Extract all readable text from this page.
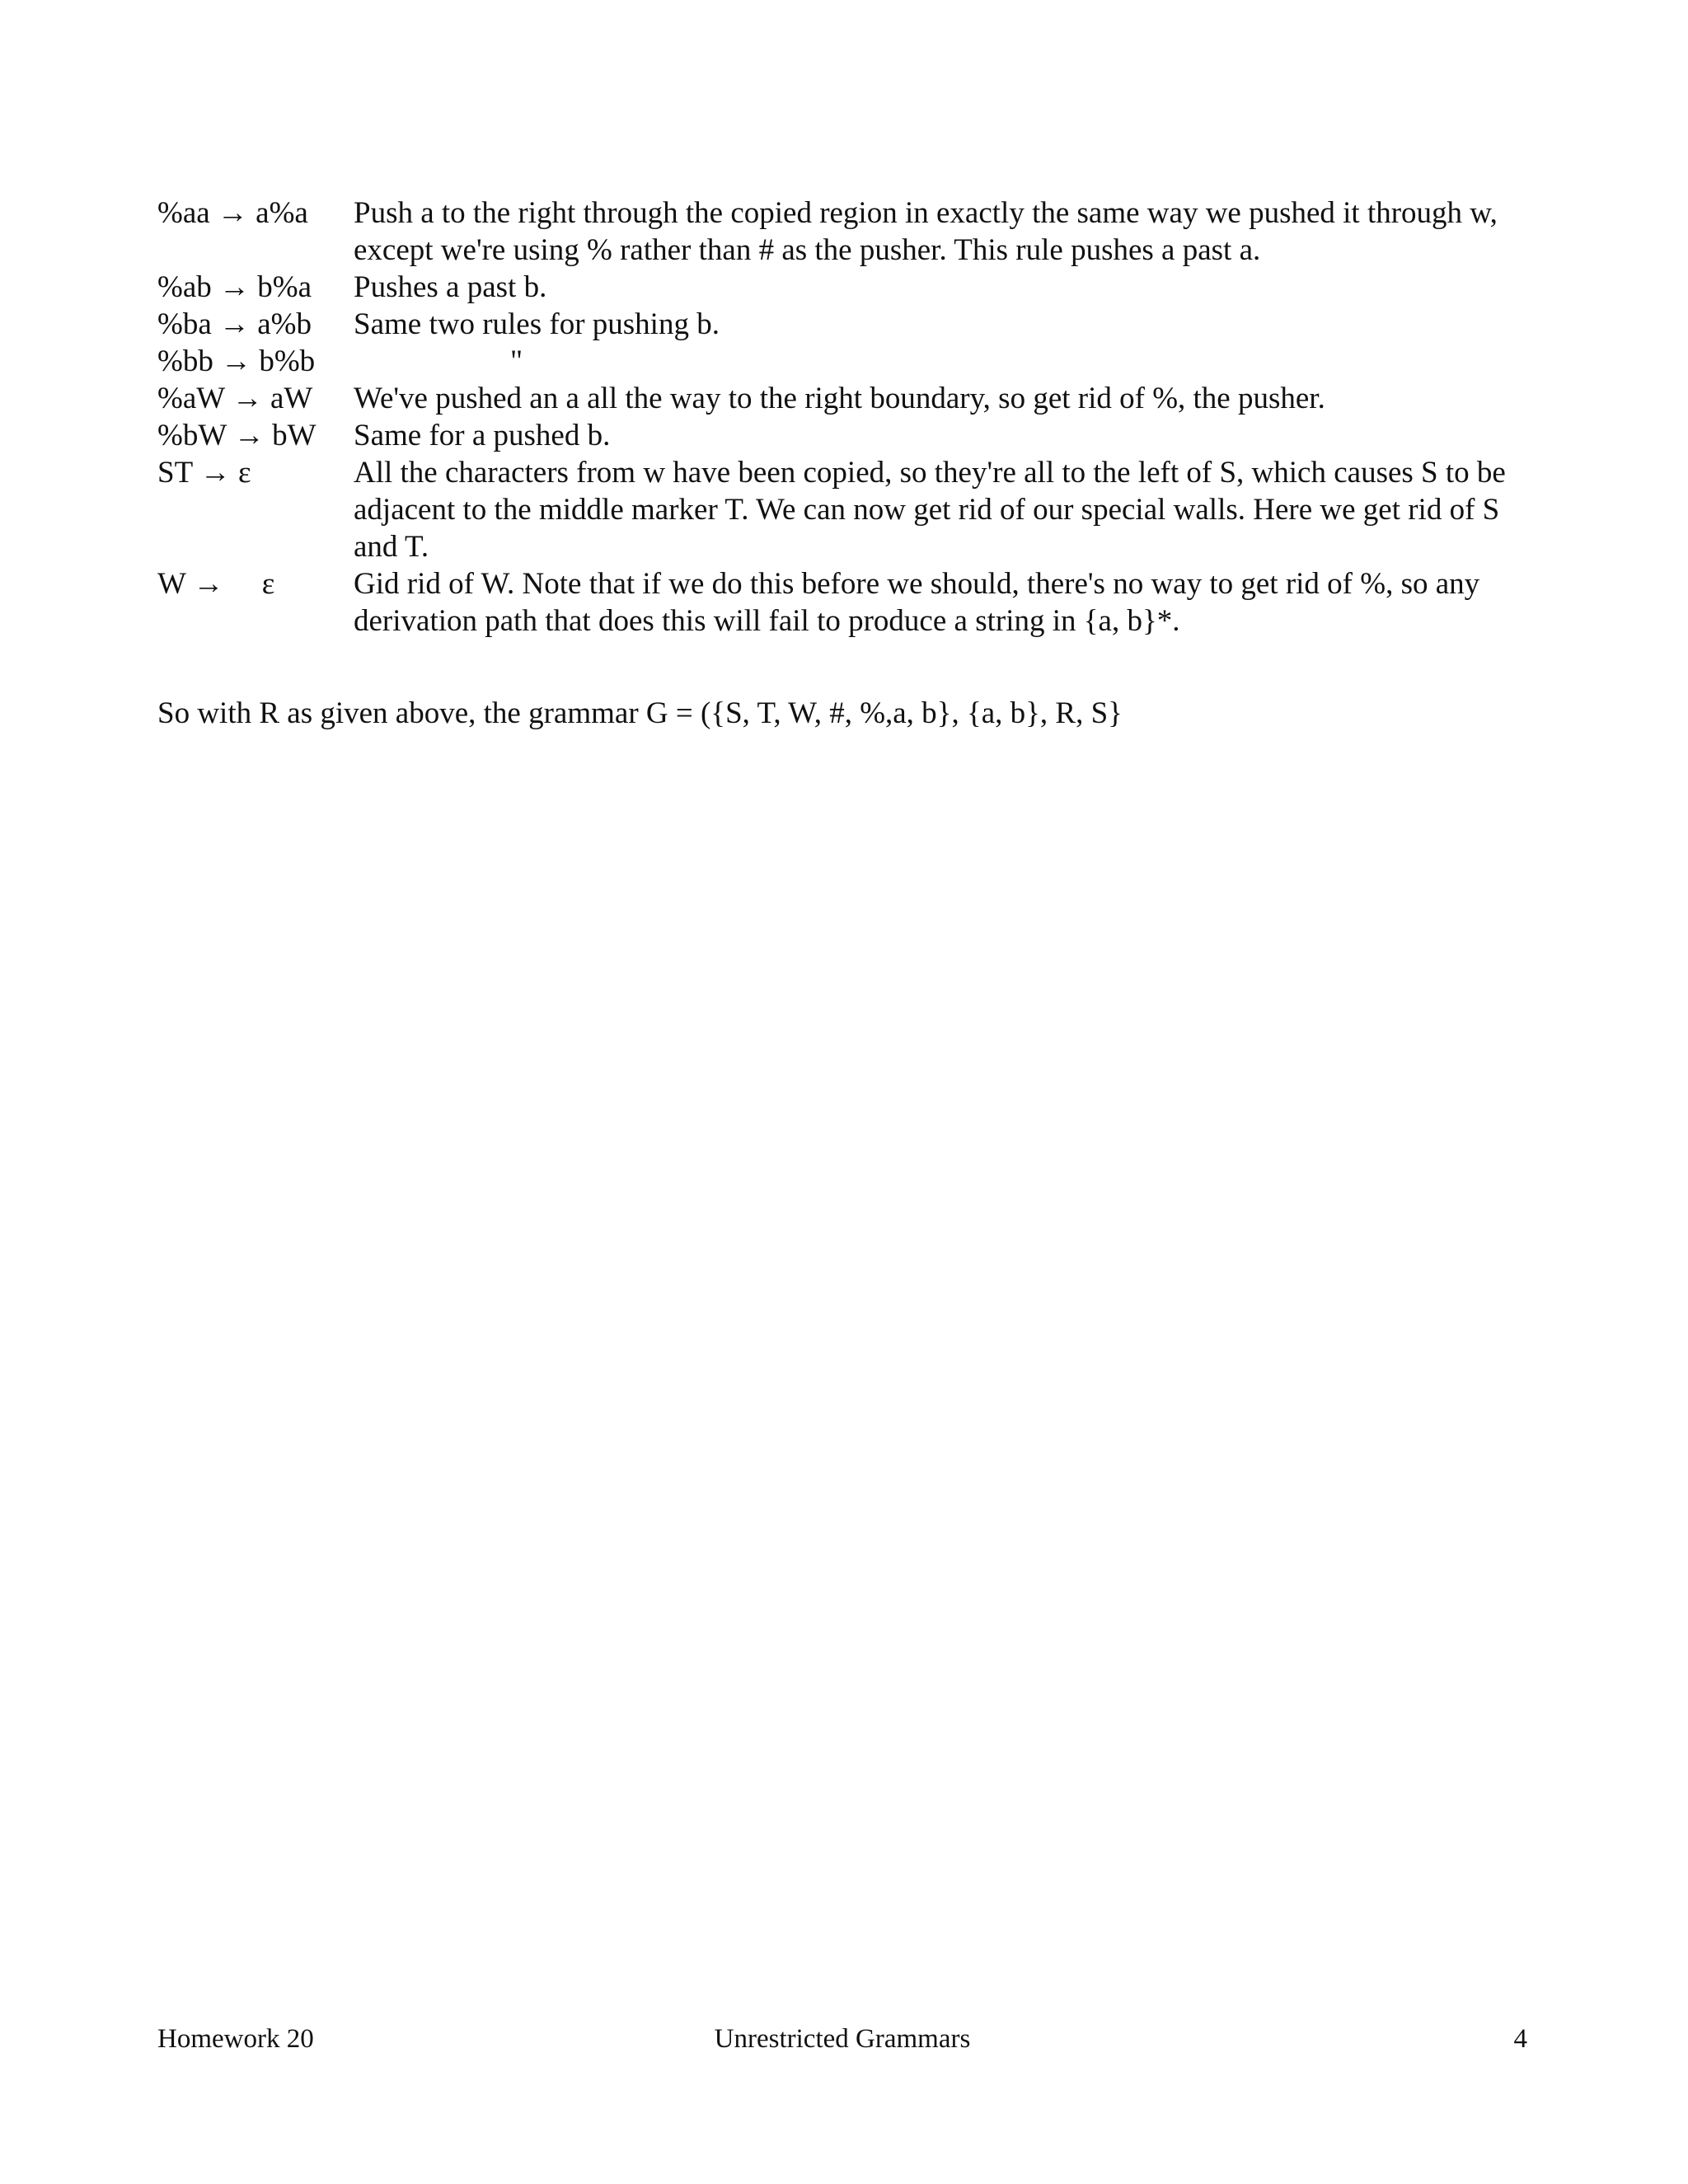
%aa → a%a	Push a to the right through the copied region in exactly the same way we pushed it through w, except we're using % rather than # as the pusher. This rule pushes a past a.
%ab → b%a	Pushes a past b.
%ba → a%b	Same two rules for pushing b.
%bb → b%b	"
%aW → aW	We've pushed an a all the way to the right boundary, so get rid of %, the pusher.
%bW → bW	Same for a pushed b.
ST → ε	All the characters from w have been copied, so they're all to the left of S, which causes S to be adjacent to the middle marker T. We can now get rid of our special walls. Here we get rid of S and T.
W →     ε	Gid rid of W. Note that if we do this before we should, there's no way to get rid of %, so any derivation path that does this will fail to produce a string in {a, b}*.

So with R as given above, the grammar G = ({S, T, W, #, %,a, b}, {a, b}, R, S}

Homework 20	Unrestricted Grammars	4
